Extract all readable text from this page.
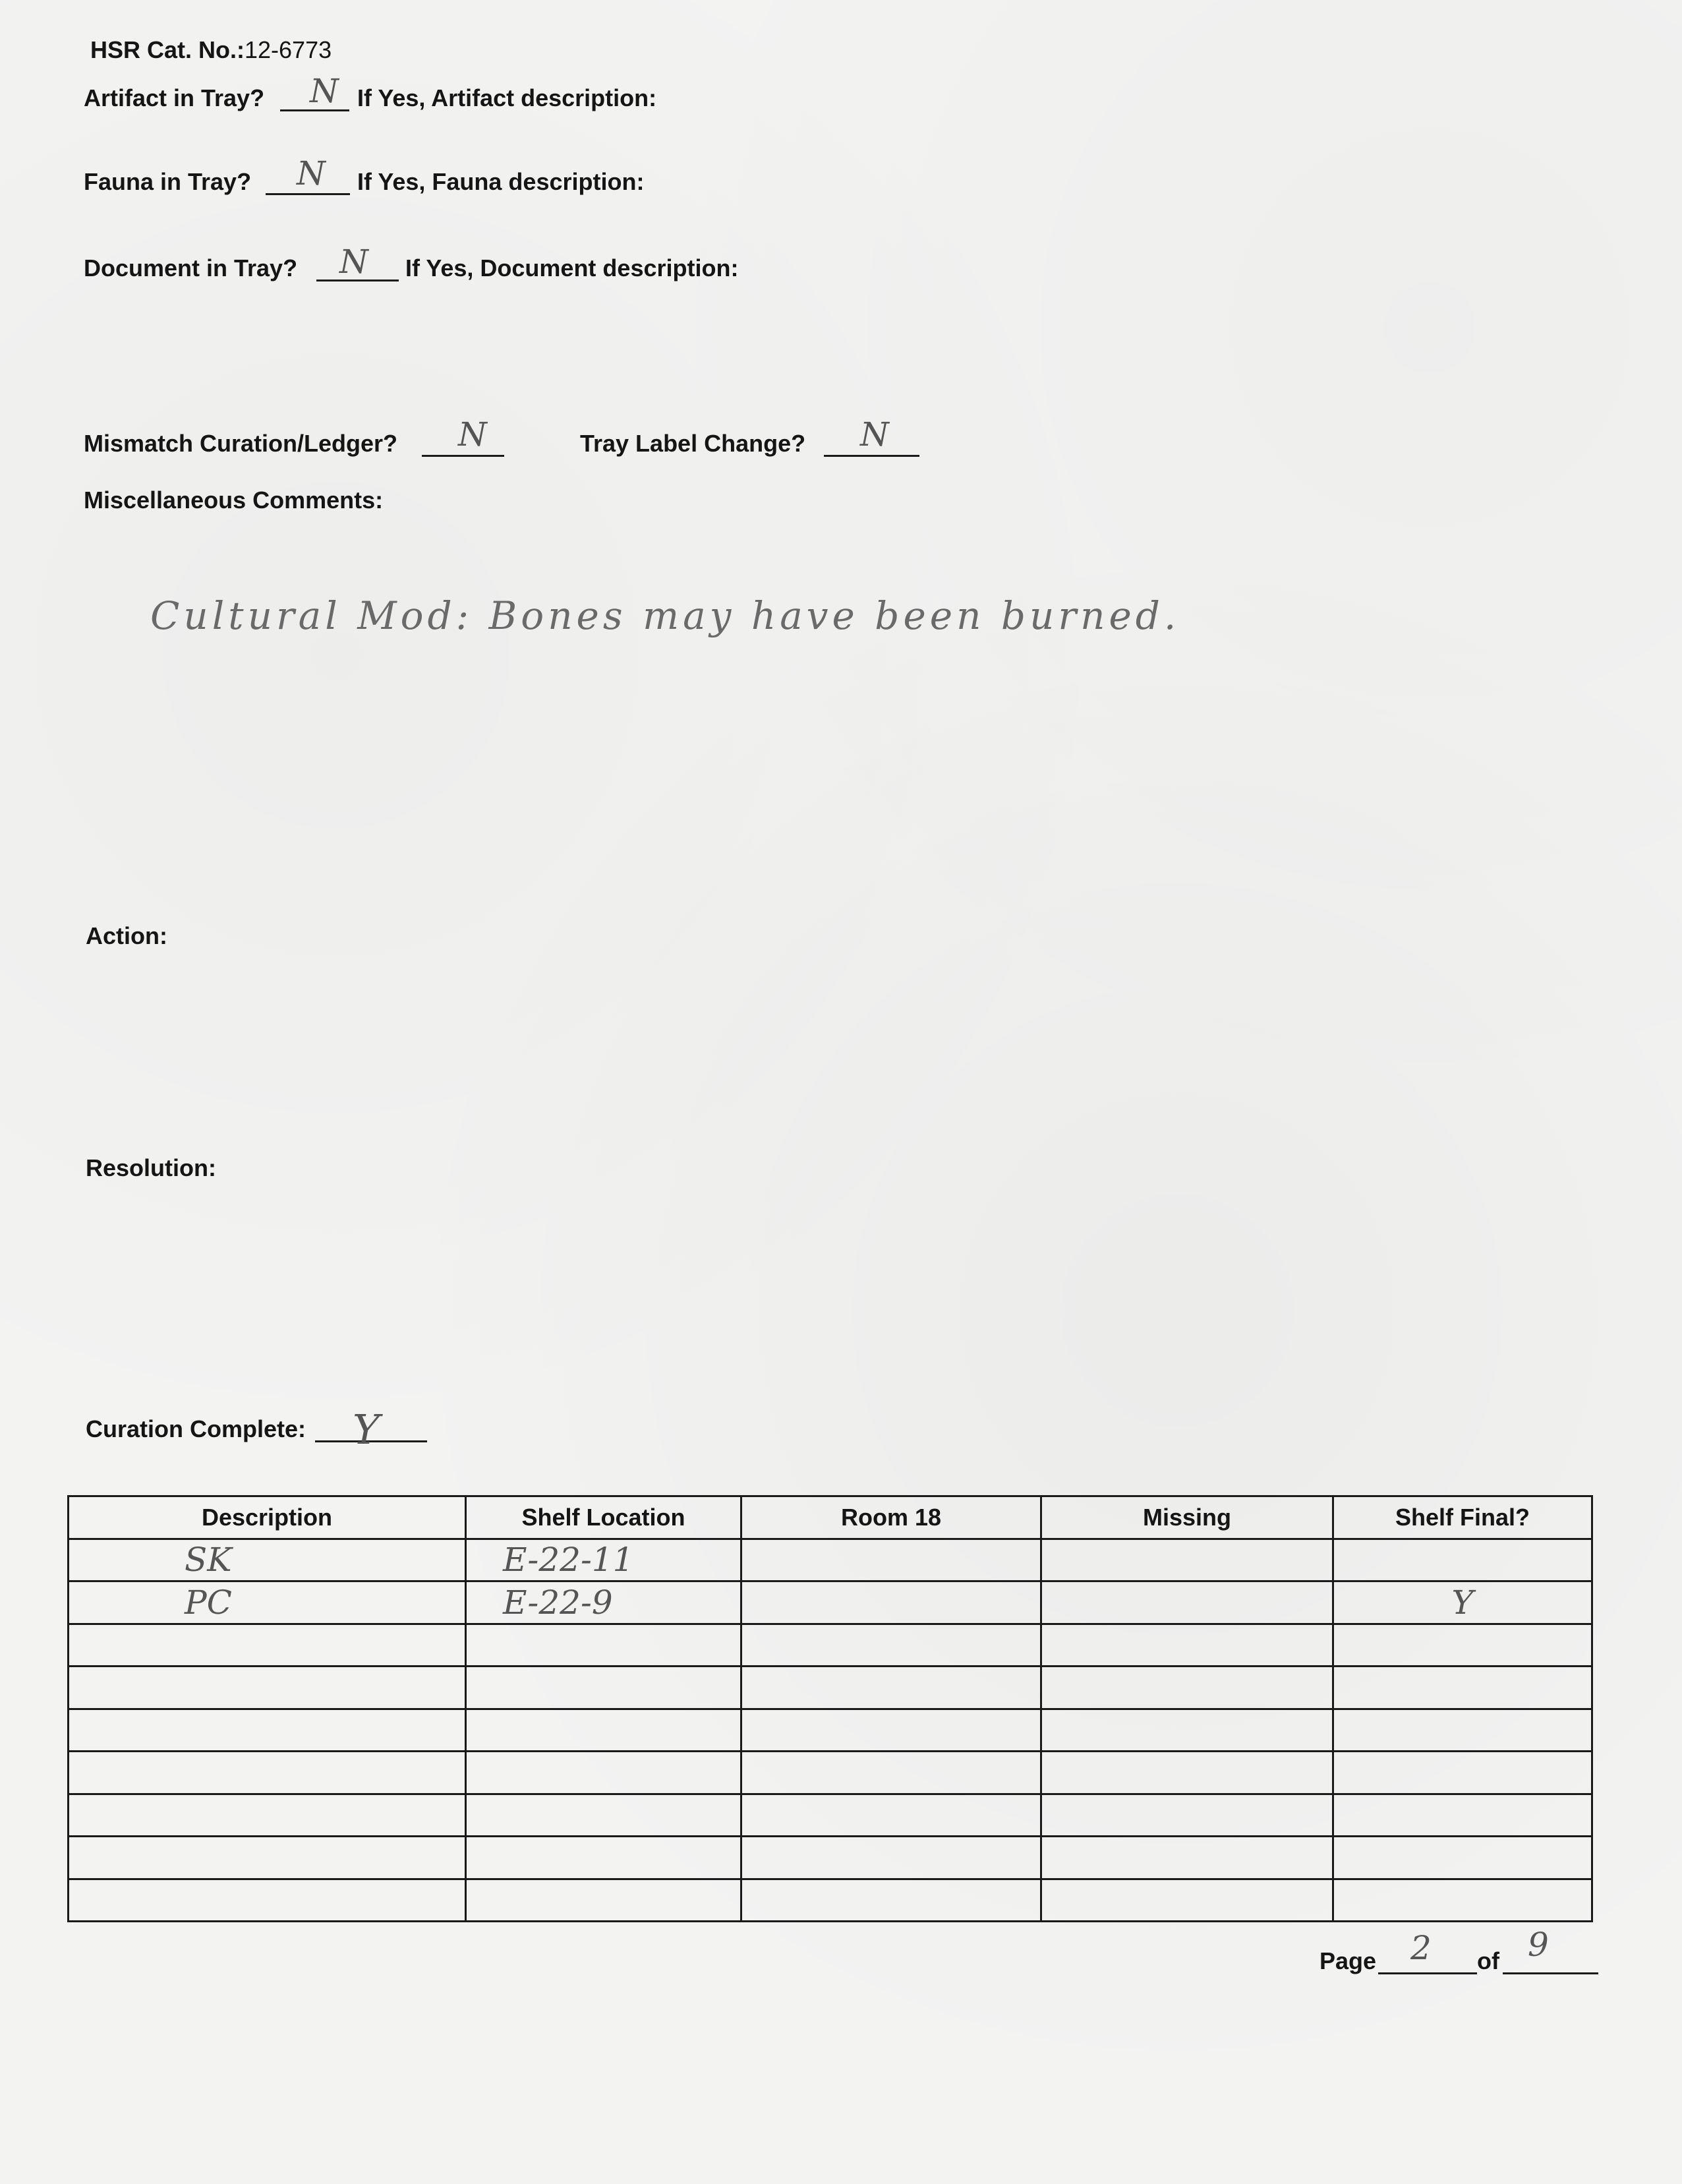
HSR Cat. No.:12-6773
Artifact in Tray? N If Yes, Artifact description:
Fauna in Tray? N If Yes, Fauna description:
Document in Tray? N If Yes, Document description:
Mismatch Curation/Ledger? N	Tray Label Change? N
Miscellaneous Comments:
Cultural Mod: Bones may have been burned.
Action:
Resolution:
Curation Complete: Y
Description	Shelf Location	Room 18	Missing	Shelf Final?
SK	E-22-11			
PC	E-22-9			Y

Page 2 of 9
